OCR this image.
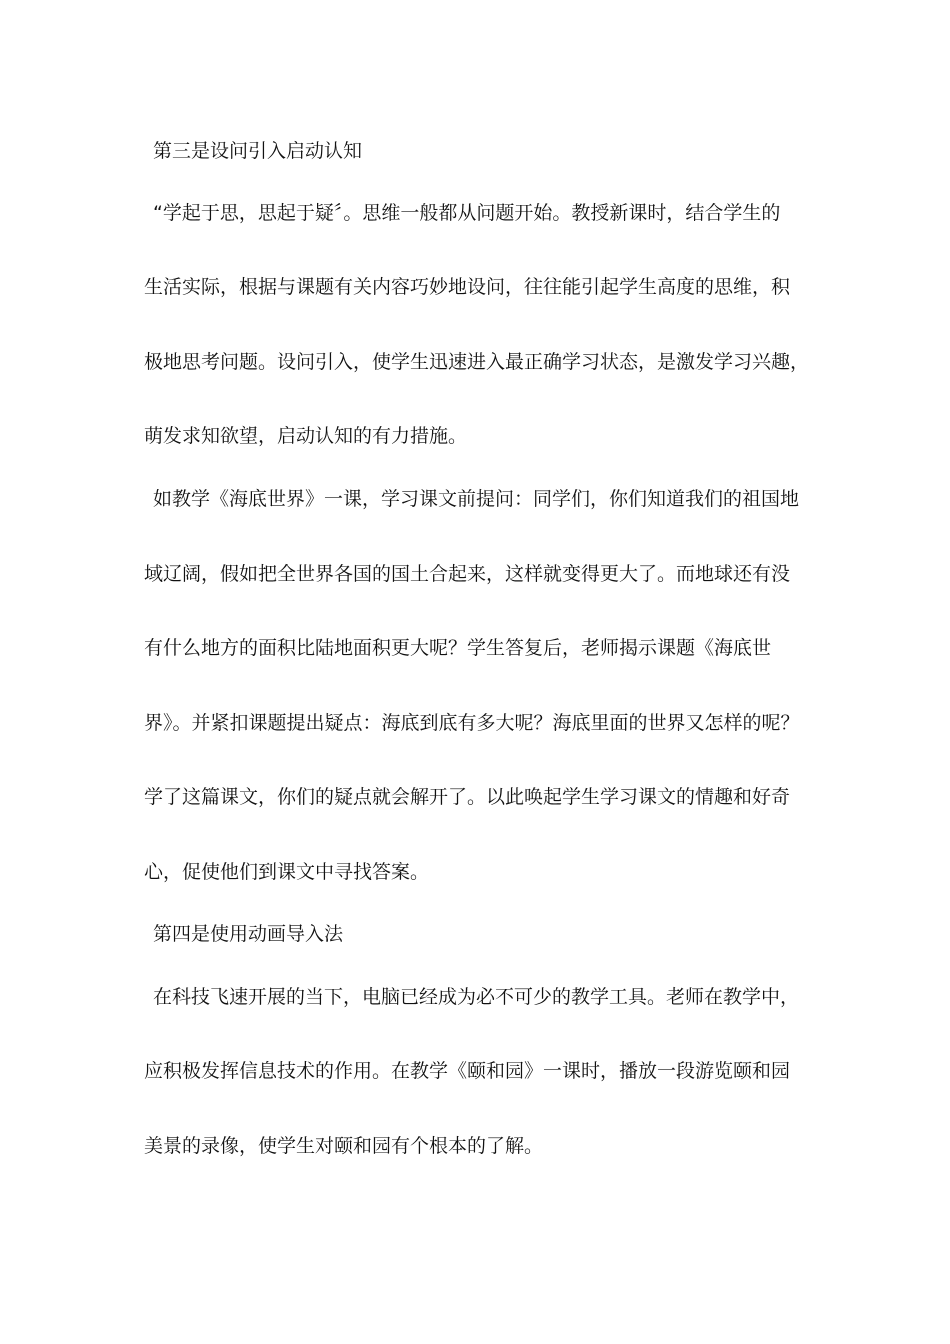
第三是设问引入启动认知
“学起于思，思起于疑〞。思维一般都从问题开始。教授新课时，结合学生的
生活实际，根据与课题有关内容巧妙地设问，往往能引起学生高度的思维，积
极地思考问题。设问引入，使学生迅速进入最正确学习状态，是激发学习兴趣，
萌发求知欲望，启动认知的有力措施。
如教学《海底世界》一课，学习课文前提问：同学们，你们知道我们的祖国地
域辽阔，假如把全世界各国的国土合起来，这样就变得更大了。而地球还有没
有什么地方的面积比陆地面积更大呢？学生答复后，老师揭示课题《海底世
界》。并紧扣课题提出疑点：海底到底有多大呢？海底里面的世界又怎样的呢？
学了这篇课文，你们的疑点就会解开了。以此唤起学生学习课文的情趣和好奇
心，促使他们到课文中寻找答案。
第四是使用动画导入法
在科技飞速开展的当下，电脑已经成为必不可少的教学工具。老师在教学中，
应积极发挥信息技术的作用。在教学《颐和园》一课时，播放一段游览颐和园
美景的录像，使学生对颐和园有个根本的了解。
